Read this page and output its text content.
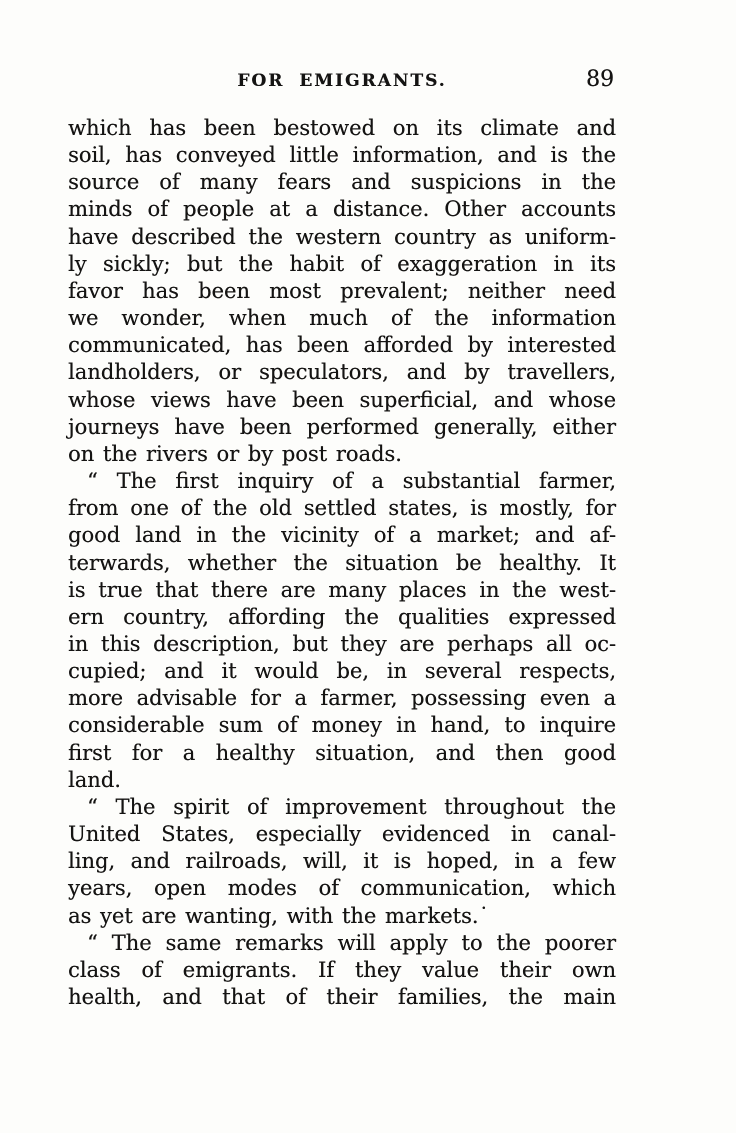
FOR EMIGRANTS.	89
which has been bestowed on its climate and
soil, has conveyed little information, and is the
source of many fears and suspicions in the
minds of people at a distance. Other accounts
have described the western country as uniform-
ly sickly; but the habit of exaggeration in its
favor has been most prevalent; neither need
we wonder, when much of the information
communicated, has been afforded by interested
landholders, or speculators, and by travellers,
whose views have been superficial, and whose
journeys have been performed generally, either
on the rivers or by post roads.
“ The first inquiry of a substantial farmer,
from one of the old settled states, is mostly, for
good land in the vicinity of a market; and af-
terwards, whether the situation be healthy. It
is true that there are many places in the west-
ern country, affording the qualities expressed
in this description, but they are perhaps all oc-
cupied; and it would be, in several respects,
more advisable for a farmer, possessing even a
considerable sum of money in hand, to inquire
first for a healthy situation, and then good
land.
“ The spirit of improvement throughout the
United States, especially evidenced in canal-
ling, and railroads, will, it is hoped, in a few
years, open modes of communication, which
as yet are wanting, with the markets.˙
“ The same remarks will apply to the poorer
class of emigrants. If they value their own
health, and that of their families, the main
